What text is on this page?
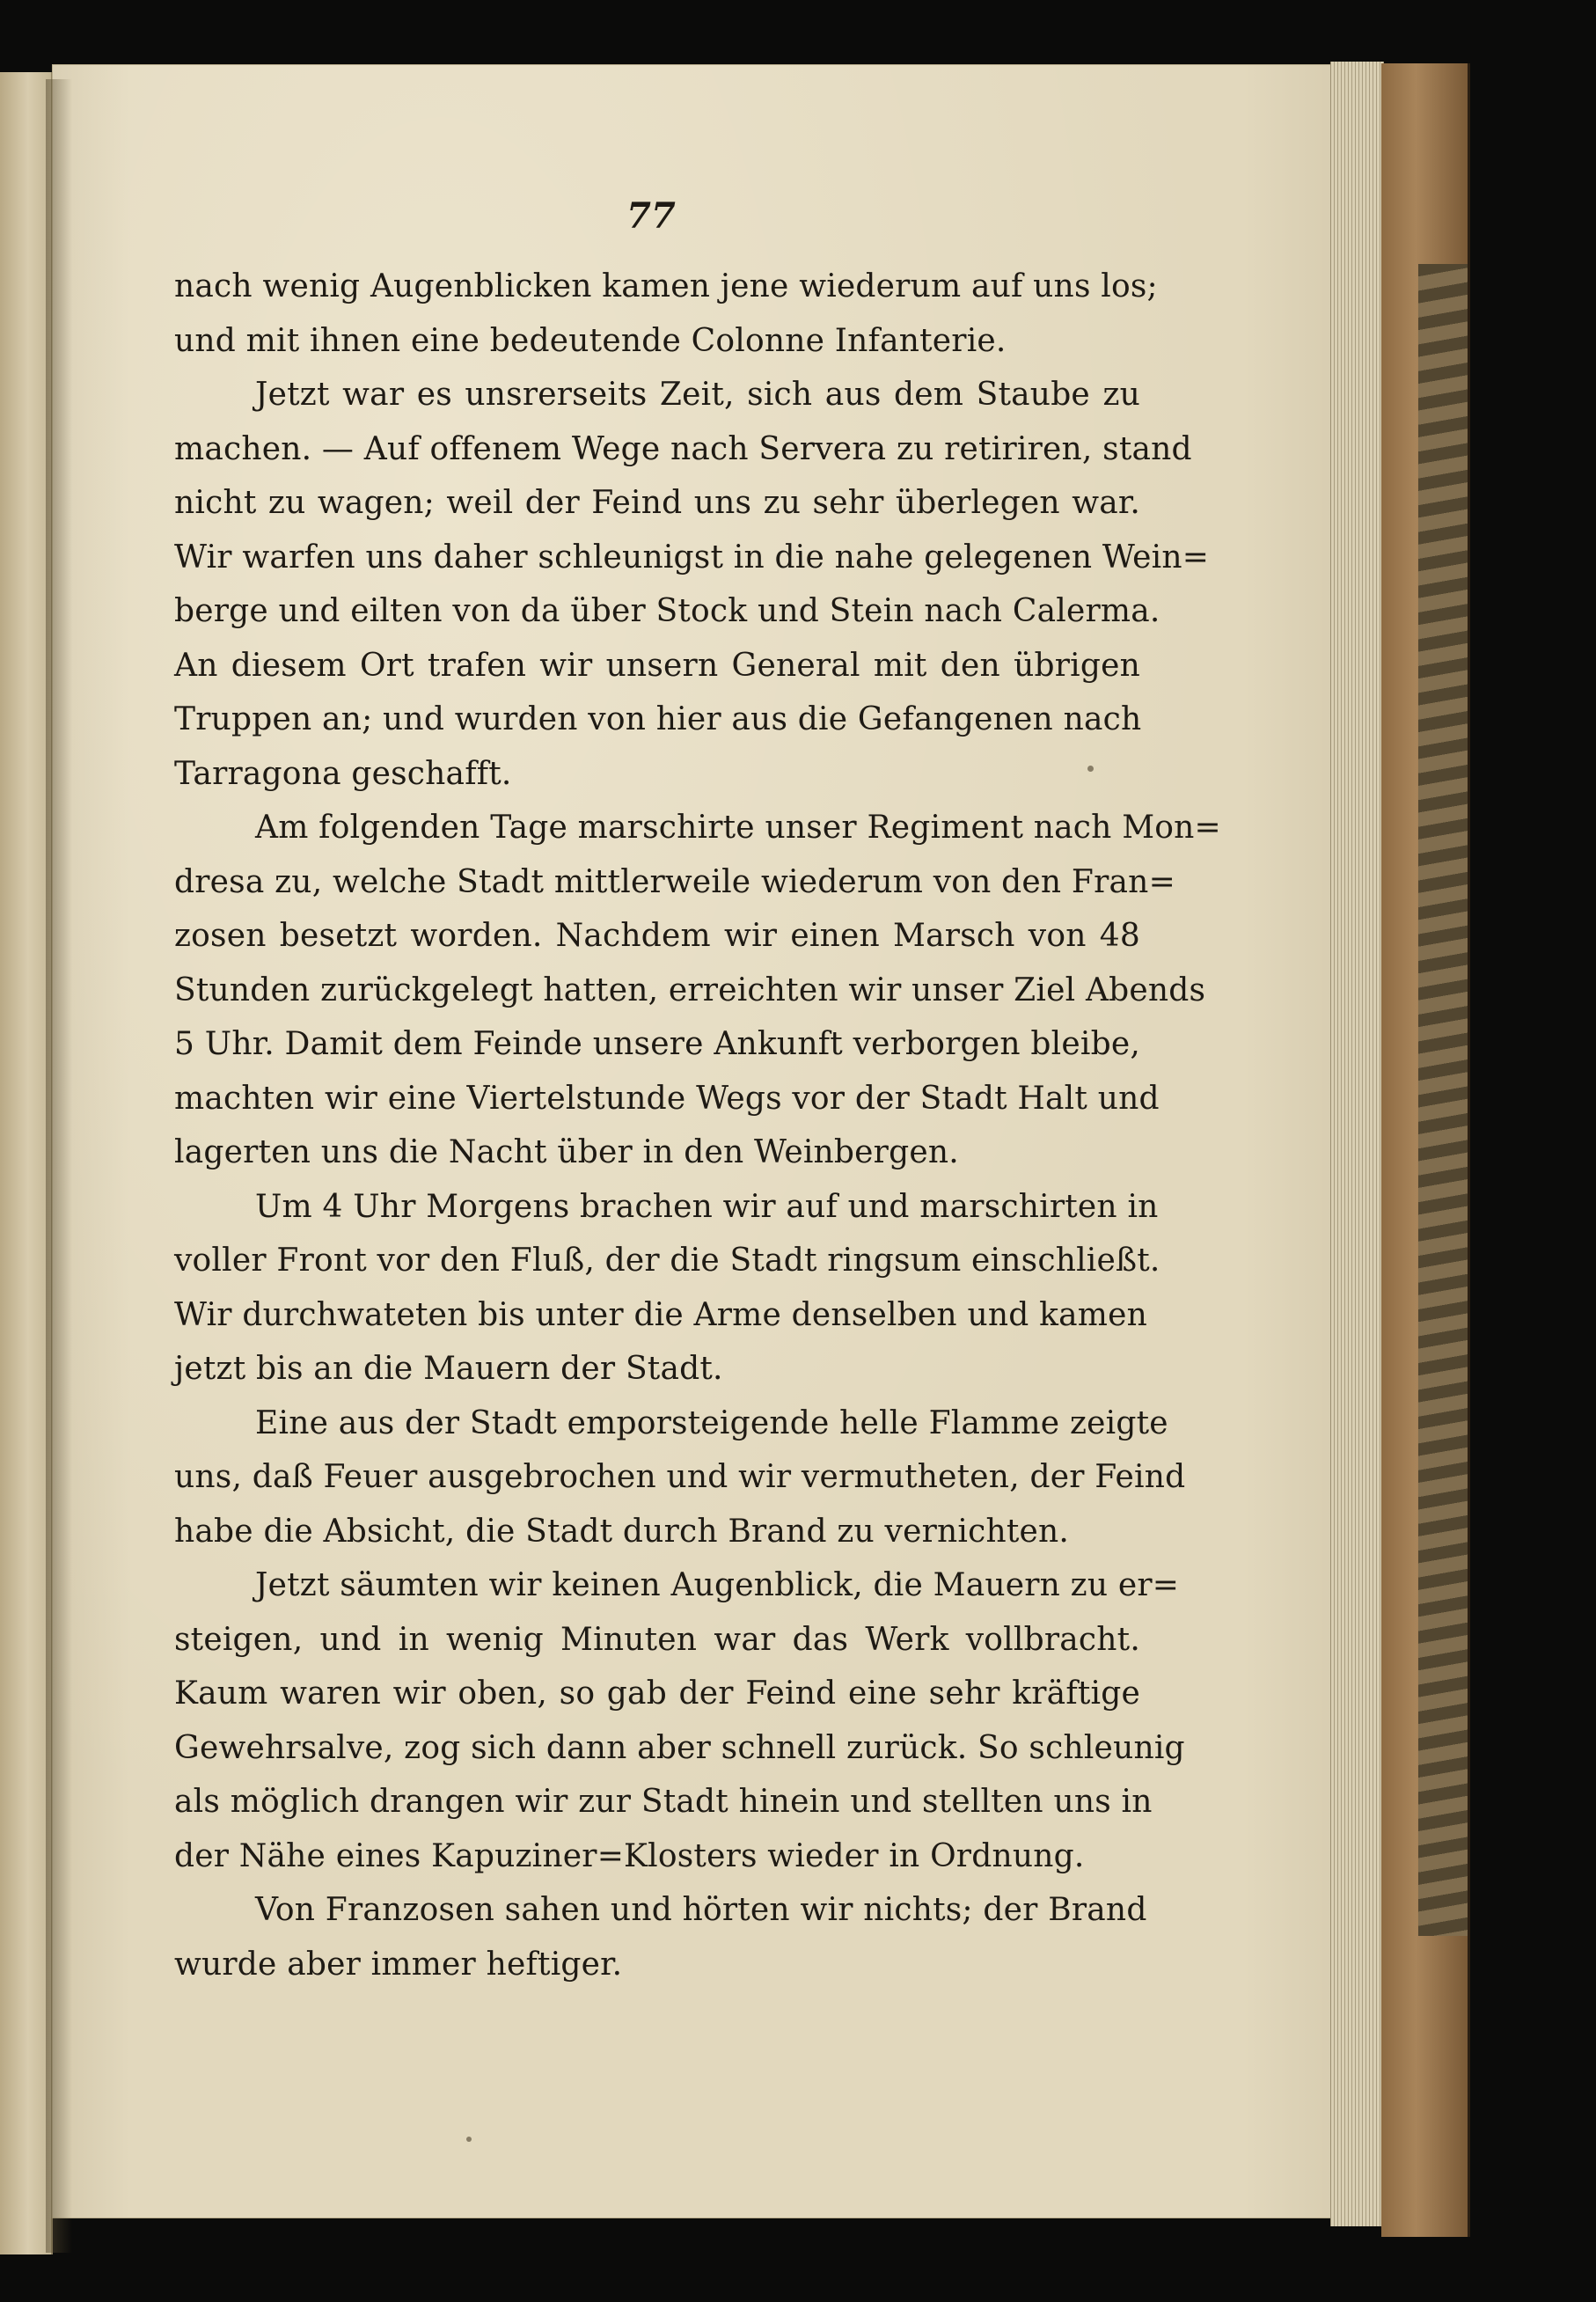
77
nach wenig Augenblicken kamen jene wiederum auf uns los;
und mit ihnen eine bedeutende Colonne Infanterie.
Jetzt war es unsrerseits Zeit, sich aus dem Staube zu
machen. — Auf offenem Wege nach Servera zu retiriren, stand
nicht zu wagen; weil der Feind uns zu sehr überlegen war.
Wir warfen uns daher schleunigst in die nahe gelegenen Wein=
berge und eilten von da über Stock und Stein nach Calerma.
An diesem Ort trafen wir unsern General mit den übrigen
Truppen an; und wurden von hier aus die Gefangenen nach
Tarragona geschafft.
Am folgenden Tage marschirte unser Regiment nach Mon=
dresa zu, welche Stadt mittlerweile wiederum von den Fran=
zosen besetzt worden. Nachdem wir einen Marsch von 48
Stunden zurückgelegt hatten, erreichten wir unser Ziel Abends
5 Uhr. Damit dem Feinde unsere Ankunft verborgen bleibe,
machten wir eine Viertelstunde Wegs vor der Stadt Halt und
lagerten uns die Nacht über in den Weinbergen.
Um 4 Uhr Morgens brachen wir auf und marschirten in
voller Front vor den Fluß, der die Stadt ringsum einschließt.
Wir durchwateten bis unter die Arme denselben und kamen
jetzt bis an die Mauern der Stadt.
Eine aus der Stadt emporsteigende helle Flamme zeigte
uns, daß Feuer ausgebrochen und wir vermutheten, der Feind
habe die Absicht, die Stadt durch Brand zu vernichten.
Jetzt säumten wir keinen Augenblick, die Mauern zu er=
steigen, und in wenig Minuten war das Werk vollbracht.
Kaum waren wir oben, so gab der Feind eine sehr kräftige
Gewehrsalve, zog sich dann aber schnell zurück. So schleunig
als möglich drangen wir zur Stadt hinein und stellten uns in
der Nähe eines Kapuziner=Klosters wieder in Ordnung.
Von Franzosen sahen und hörten wir nichts; der Brand
wurde aber immer heftiger.
